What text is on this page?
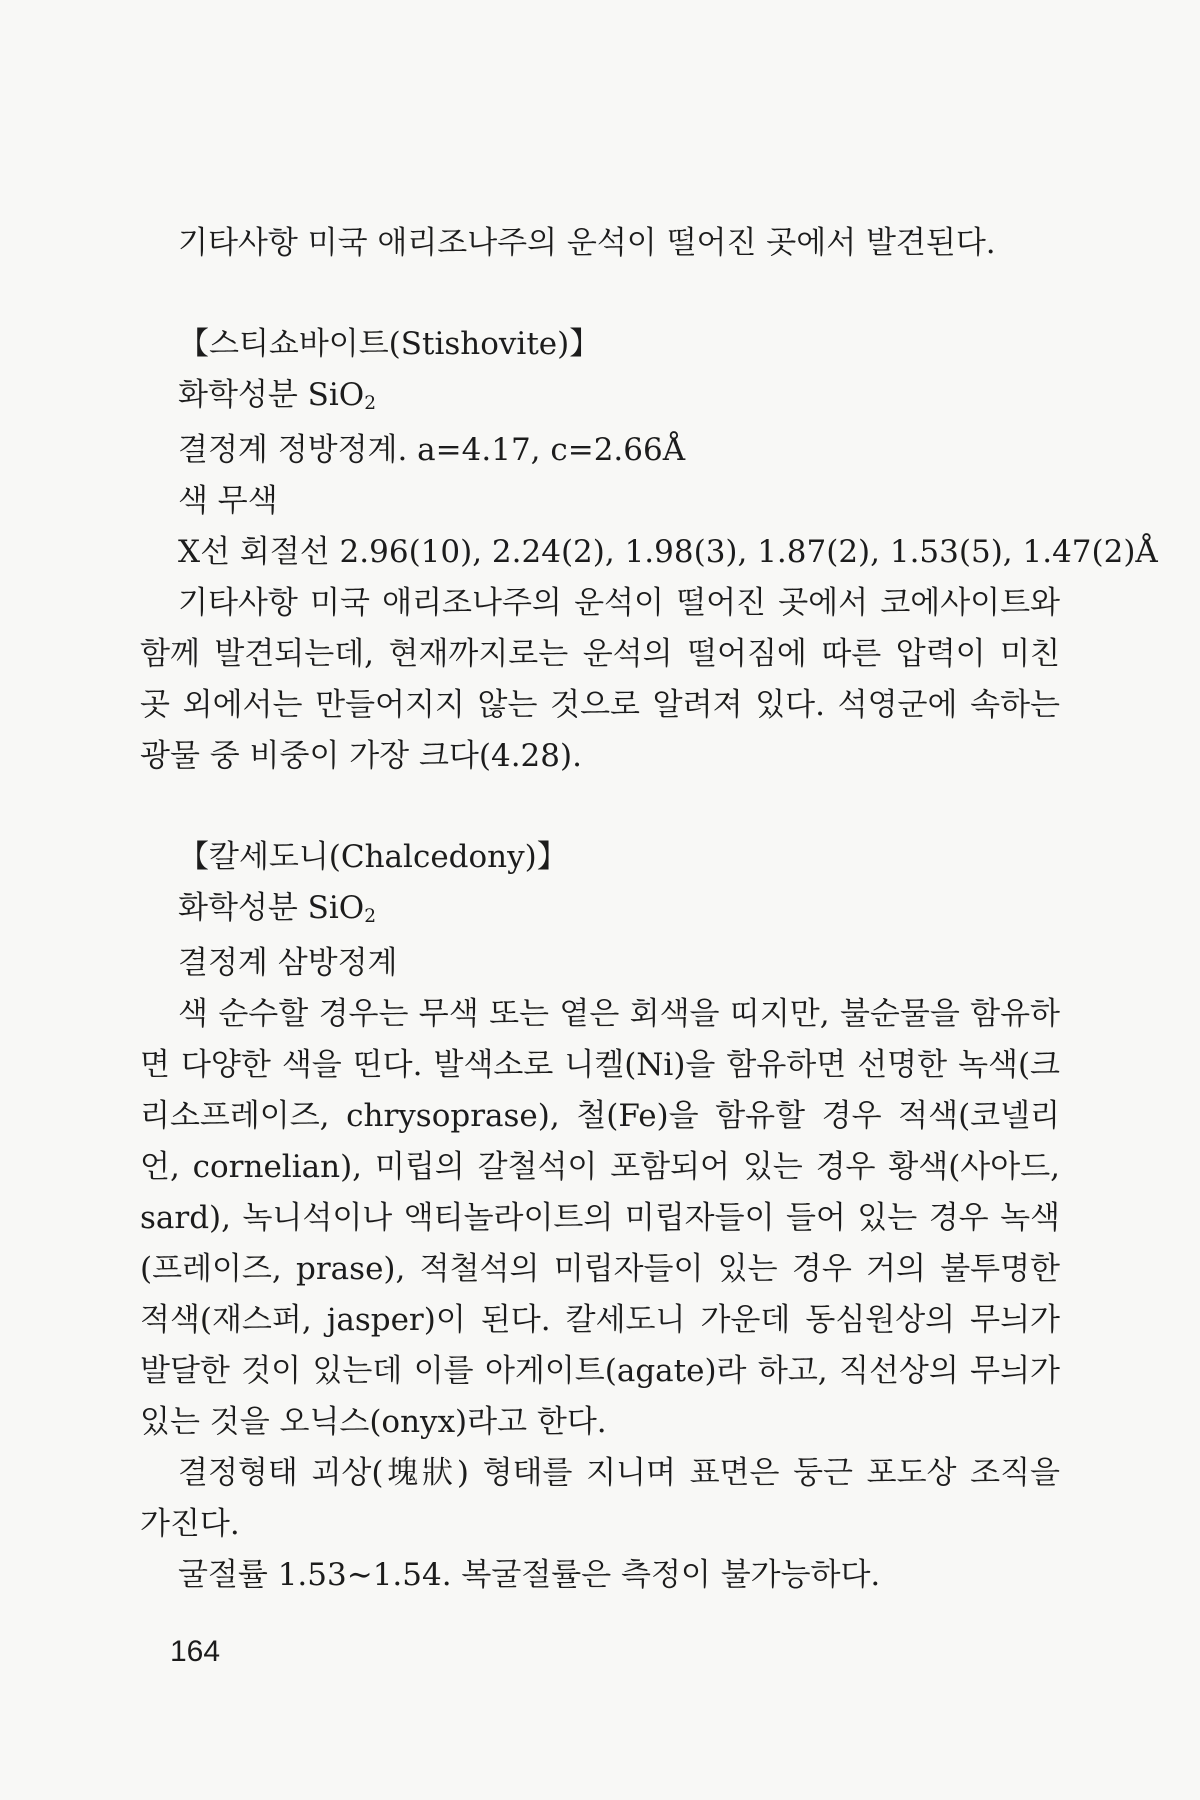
기타사항 미국 애리조나주의 운석이 떨어진 곳에서 발견된다.
【스티쇼바이트(Stishovite)】
화학성분 SiO$_2$
결정계 정방정계. a=4.17, c=2.66Å
색 무색
X선 회절선 2.96(10), 2.24(2), 1.98(3), 1.87(2), 1.53(5), 1.47(2)Å

기타사항 미국 애리조나주의 운석이 떨어진 곳에서 코에사이트와 함께 발견되는데, 현재까지로는 운석의 떨어짐에 따른 압력이 미친 곳 외에서는 만들어지지 않는 것으로 알려져 있다. 석영군에 속하는 광물 중 비중이 가장 크다(4.28).

【칼세도니(Chalcedony)】
화학성분 SiO$_2$
결정계 삼방정계

색 순수할 경우는 무색 또는 옅은 회색을 띠지만, 불순물을 함유하면 다양한 색을 띤다. 발색소로 니켈(Ni)을 함유하면 선명한 녹색(크리소프레이즈, chrysoprase), 철(Fe)을 함유할 경우 적색(코넬리언, cornelian), 미립의 갈철석이 포함되어 있는 경우 황색(사아드, sard), 녹니석이나 액티놀라이트의 미립자들이 들어 있는 경우 녹색(프레이즈, prase), 적철석의 미립자들이 있는 경우 거의 불투명한 적색(재스퍼, jasper)이 된다. 칼세도니 가운데 동심원상의 무늬가 발달한 것이 있는데 이를 아게이트(agate)라 하고, 직선상의 무늬가 있는 것을 오닉스(onyx)라고 한다.

결정형태 괴상(塊狀) 형태를 지니며 표면은 둥근 포도상 조직을 가진다.

굴절률 1.53∼1.54. 복굴절률은 측정이 불가능하다.

164
